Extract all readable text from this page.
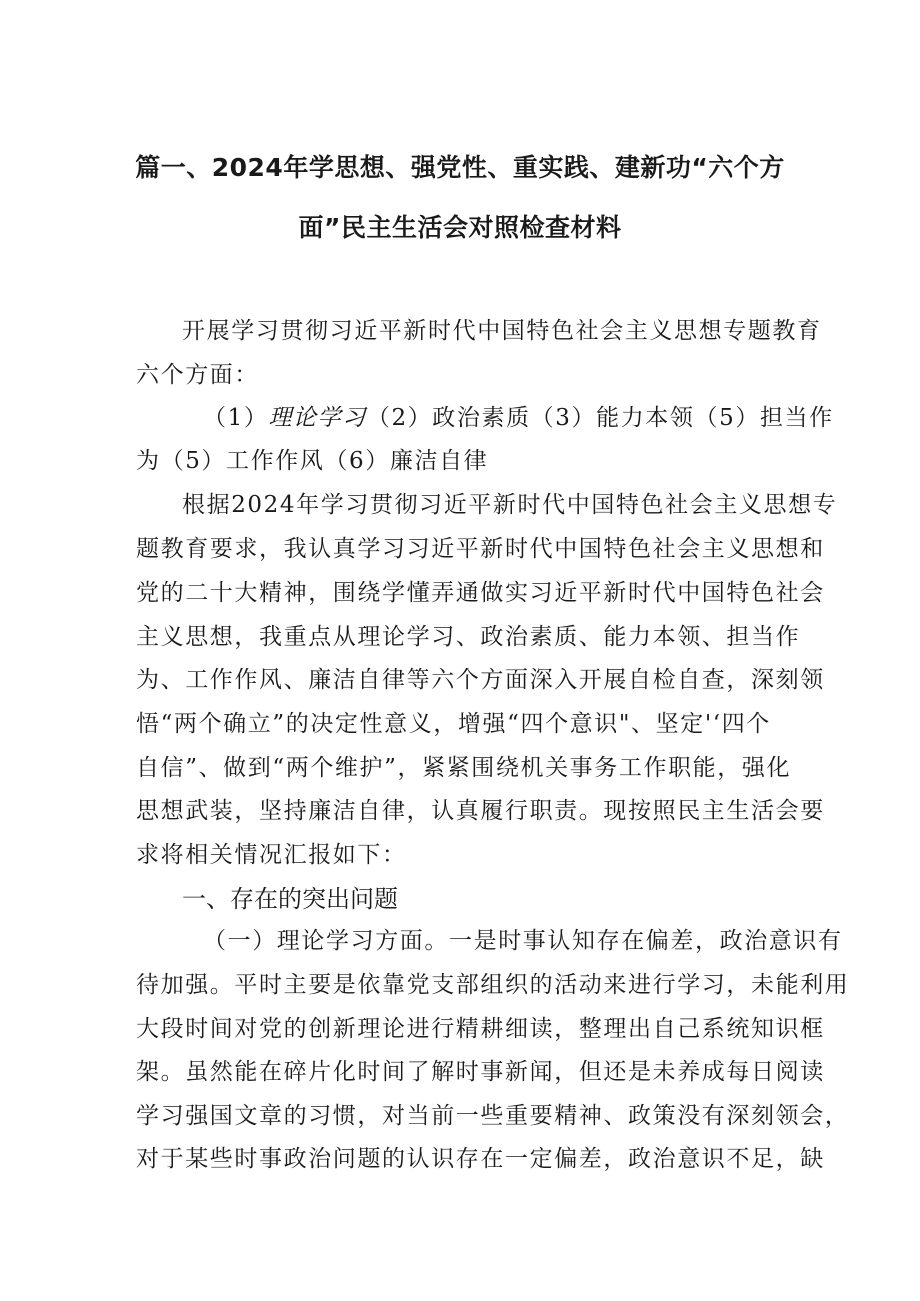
篇一、2024年学思想、强党性、重实践、建新功“六个方
面”民主生活会对照检查材料
开展学习贯彻习近平新时代中国特色社会主义思想专题教育
六个方面：
（1）理论学习（2）政治素质（3）能力本领（5）担当作
为（5）工作作风（6）廉洁自律
根据2024年学习贯彻习近平新时代中国特色社会主义思想专
题教育要求，我认真学习习近平新时代中国特色社会主义思想和
党的二十大精神，围绕学懂弄通做实习近平新时代中国特色社会
主义思想，我重点从理论学习、政治素质、能力本领、担当作
为、工作作风、廉洁自律等六个方面深入开展自检自查，深刻领
悟“两个确立”的决定性意义，增强“四个意识"、坚定'‘四个
自信”、做到“两个维护”，紧紧围绕机关事务工作职能，强化
思想武装，坚持廉洁自律，认真履行职责。现按照民主生活会要
求将相关情况汇报如下：
一、存在的突出问题
（一）理论学习方面。一是时事认知存在偏差，政治意识有
待加强。平时主要是依靠党支部组织的活动来进行学习，未能利用
大段时间对党的创新理论进行精耕细读，整理出自己系统知识框
架。虽然能在碎片化时间了解时事新闻，但还是未养成每日阅读
学习强国文章的习惯，对当前一些重要精神、政策没有深刻领会，
对于某些时事政治问题的认识存在一定偏差，政治意识不足，缺
